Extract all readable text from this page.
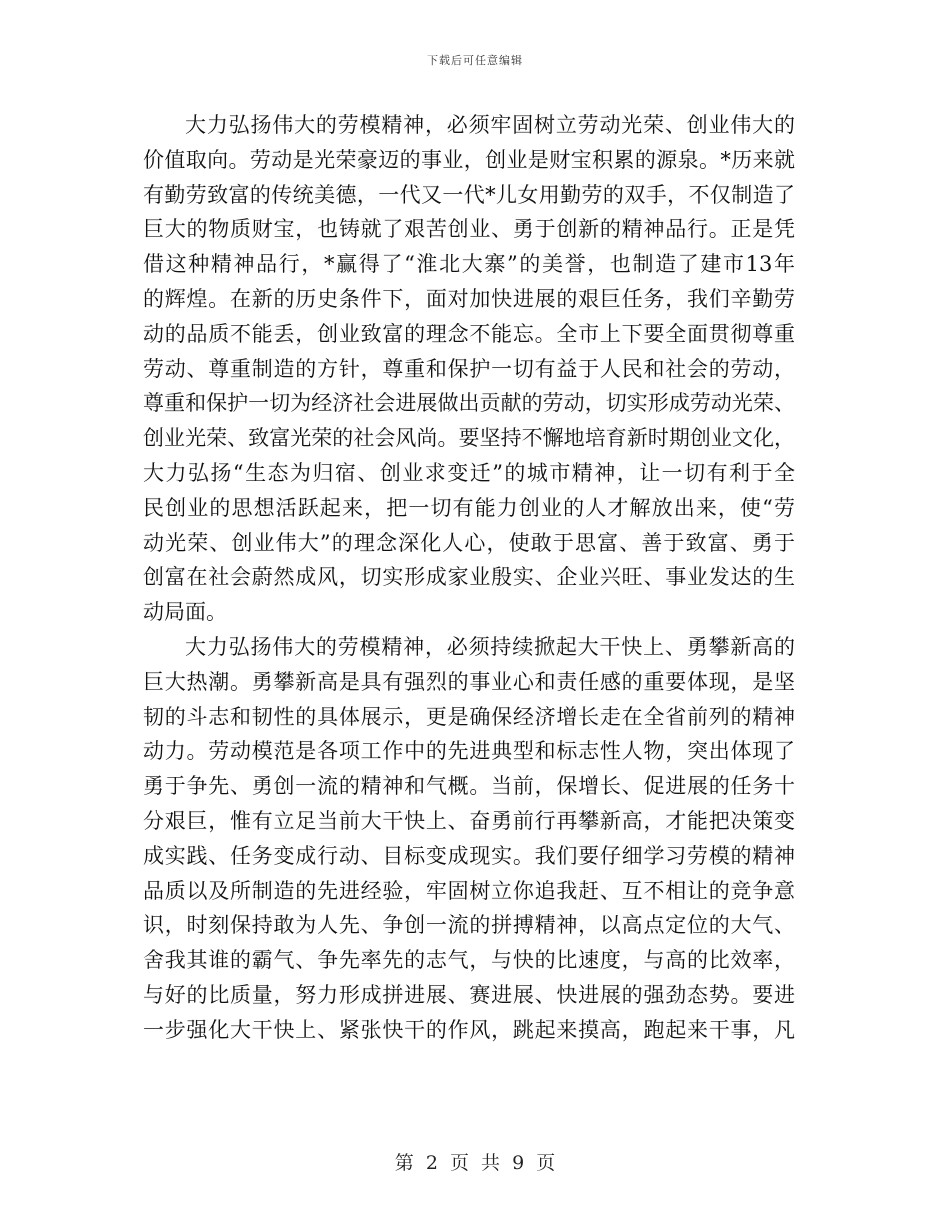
下载后可任意编辑
大力弘扬伟大的劳模精神，必须牢固树立劳动光荣、创业伟大的
价值取向。劳动是光荣豪迈的事业，创业是财宝积累的源泉。*历来就
有勤劳致富的传统美德，一代又一代*儿女用勤劳的双手，不仅制造了
巨大的物质财宝，也铸就了艰苦创业、勇于创新的精神品行。正是凭
借这种精神品行，*赢得了“淮北大寨”的美誉，也制造了建市13年
的辉煌。在新的历史条件下，面对加快进展的艰巨任务，我们辛勤劳
动的品质不能丢，创业致富的理念不能忘。全市上下要全面贯彻尊重
劳动、尊重制造的方针，尊重和保护一切有益于人民和社会的劳动，
尊重和保护一切为经济社会进展做出贡献的劳动，切实形成劳动光荣、
创业光荣、致富光荣的社会风尚。要坚持不懈地培育新时期创业文化，
大力弘扬“生态为归宿、创业求变迁”的城市精神，让一切有利于全
民创业的思想活跃起来，把一切有能力创业的人才解放出来，使“劳
动光荣、创业伟大”的理念深化人心，使敢于思富、善于致富、勇于
创富在社会蔚然成风，切实形成家业殷实、企业兴旺、事业发达的生
动局面。
大力弘扬伟大的劳模精神，必须持续掀起大干快上、勇攀新高的
巨大热潮。勇攀新高是具有强烈的事业心和责任感的重要体现，是坚
韧的斗志和韧性的具体展示，更是确保经济增长走在全省前列的精神
动力。劳动模范是各项工作中的先进典型和标志性人物，突出体现了
勇于争先、勇创一流的精神和气概。当前，保增长、促进展的任务十
分艰巨，惟有立足当前大干快上、奋勇前行再攀新高，才能把决策变
成实践、任务变成行动、目标变成现实。我们要仔细学习劳模的精神
品质以及所制造的先进经验，牢固树立你追我赶、互不相让的竞争意
识，时刻保持敢为人先、争创一流的拼搏精神，以高点定位的大气、
舍我其谁的霸气、争先率先的志气，与快的比速度，与高的比效率，
与好的比质量，努力形成拼进展、赛进展、快进展的强劲态势。要进
一步强化大干快上、紧张快干的作风，跳起来摸高，跑起来干事，凡
第 2 页 共 9 页
